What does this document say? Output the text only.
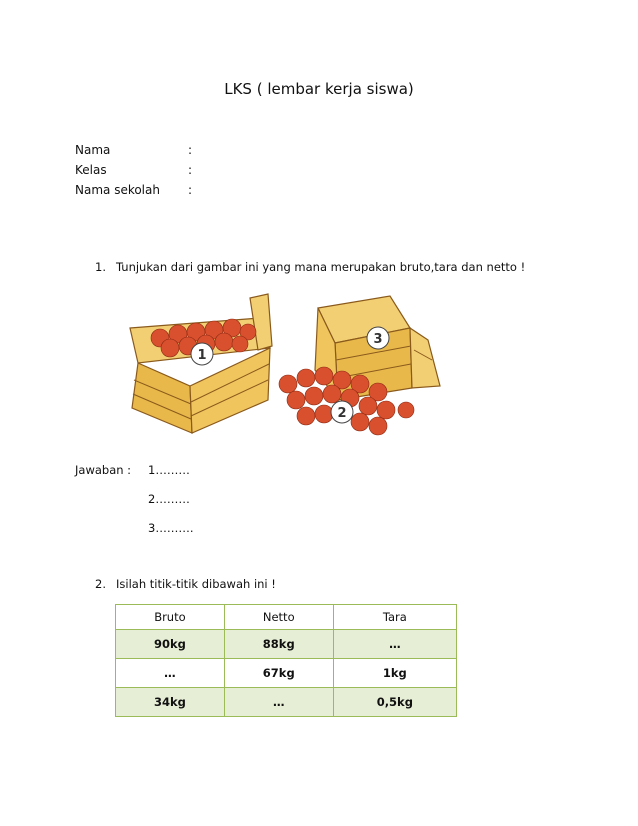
LKS ( lembar kerja siswa)
Nama	:
Kelas	:
Nama sekolah :
1. Tunjukan dari gambar ini yang mana merupakan bruto,tara dan netto !
1
3
2
Jawaban : 1………
2………
3……….
2. Isilah titik-titik dibawah ini !
Bruto	Netto	Tara
90kg	88kg	…
…	67kg	1kg
34kg	…	0,5kg
